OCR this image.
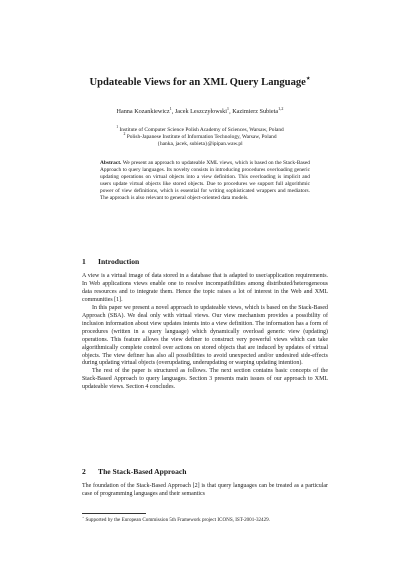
Updateable Views for an XML Query Language⋆
Hanna Kozankiewicz$^1$, Jacek Leszczyłowski$^1$, Kazimierz Subieta$^{1,2}$
$^1$ Institute of Computer Science Polish Academy of Sciences, Warsaw, Poland
$^2$ Polish-Japanese Institute of Information Technology, Warsaw, Poland
{hanka, jacek, subieta}@ipipan.waw.pl
Abstract. We present an approach to updateable XML views, which is based on the Stack-Based Approach to query languages. Its novelty consists in introducing procedures overloading generic updating operations on virtual objects into a view definition. This overloading is implicit and users update virtual objects like stored objects. Due to procedures we support full algorithmic power of view definitions, which is essential for writing sophisticated wrappers and mediators. The approach is also relevant to general object-oriented data models.
1 Introduction

A view is a virtual image of data stored in a database that is adapted to user/application requirements. In Web applications views enable one to resolve incompatibilities among distributed/heterogeneous data resources and to integrate them. Hence the topic raises a lot of interest in the Web and XML communities [1].

In this paper we present a novel approach to updateable views, which is based on the Stack-Based Approach (SBA). We deal only with virtual views. Our view mechanism provides a possibility of inclusion information about view updates intents into a view definition. The information has a form of procedures (written in a query language) which dynamically overload generic view (updating) operations. This feature allows the view definer to construct very powerful views which can take algorithmically complete control over actions on stored objects that are induced by updates of virtual objects. The view definer has also all possibilities to avoid unexpected and/or undesired side-effects during updating virtual objects (overupdating, underupdating or warping updating intention).

The rest of the paper is structured as follows. The next section contains basic concepts of the Stack-Based Approach to query languages. Section 3 presents main issues of our approach to XML updateable views. Section 4 concludes.

2 The Stack-Based Approach

The foundation of the Stack-Based Approach [2] is that query languages can be treated as a particular case of programming languages and their semantics

⋆ Supported by the European Commission 5th Framework project ICONS, IST-2001-32429.
